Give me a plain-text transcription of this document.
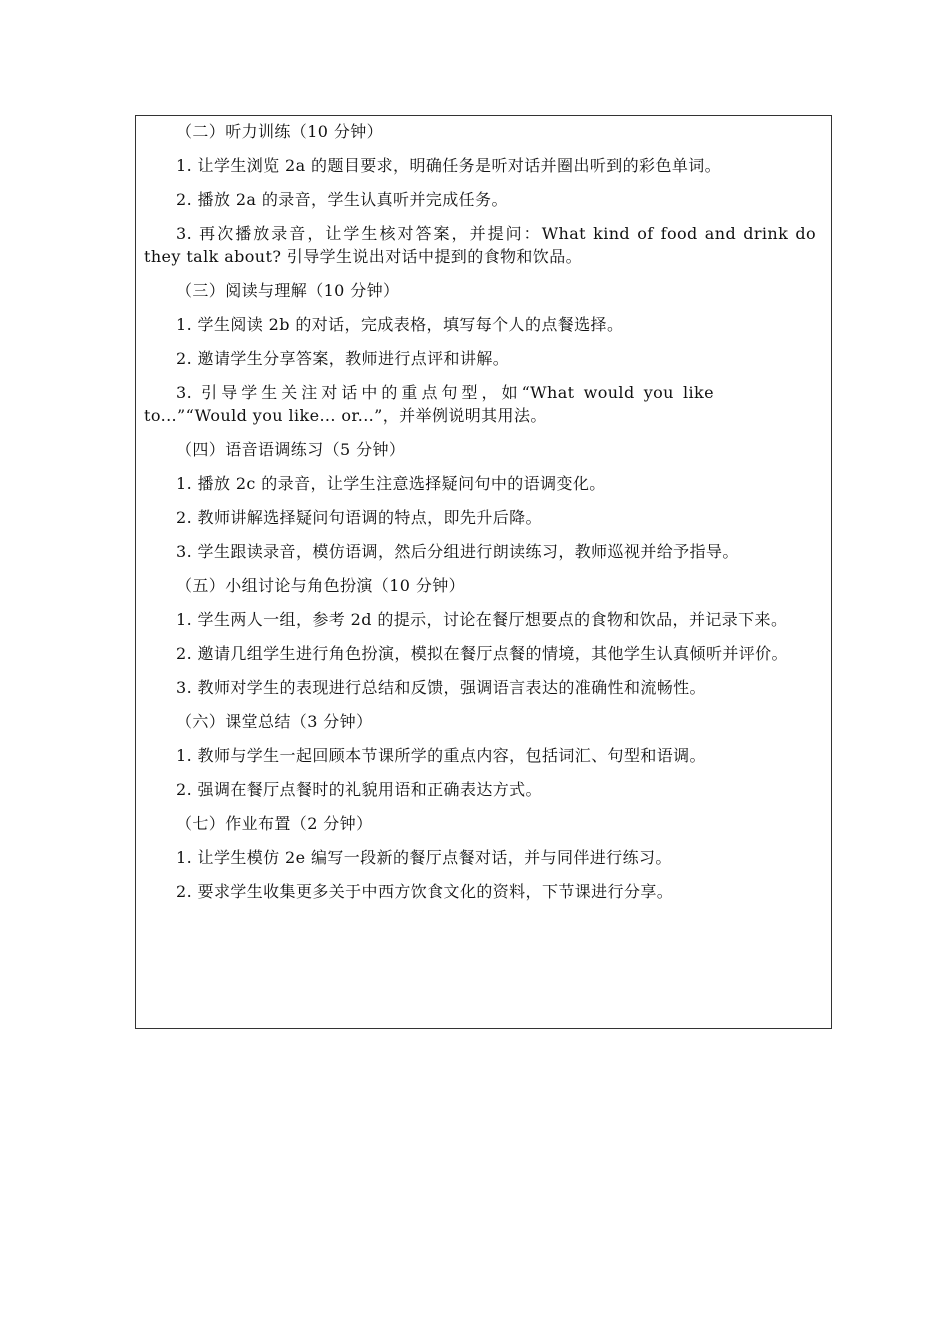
（二）听力训练（10 分钟）

1. 让学生浏览 2a 的题目要求，明确任务是听对话并圈出听到的彩色单词。

2. 播放 2a 的录音，学生认真听并完成任务。

3. 再次播放录音，让学生核对答案，并提问：What kind of food and drink do they talk about? 引导学生说出对话中提到的食物和饮品。

（三）阅读与理解（10 分钟）

1. 学生阅读 2b 的对话，完成表格，填写每个人的点餐选择。

2. 邀请学生分享答案，教师进行点评和讲解。

3. 引导学生关注对话中的重点句型，如“What would you like to...”“Would you like... or...”，并举例说明其用法。

（四）语音语调练习（5 分钟）

1. 播放 2c 的录音，让学生注意选择疑问句中的语调变化。

2. 教师讲解选择疑问句语调的特点，即先升后降。

3. 学生跟读录音，模仿语调，然后分组进行朗读练习，教师巡视并给予指导。

（五）小组讨论与角色扮演（10 分钟）

1. 学生两人一组，参考 2d 的提示，讨论在餐厅想要点的食物和饮品，并记录下来。

2. 邀请几组学生进行角色扮演，模拟在餐厅点餐的情境，其他学生认真倾听并评价。

3. 教师对学生的表现进行总结和反馈，强调语言表达的准确性和流畅性。

（六）课堂总结（3 分钟）

1. 教师与学生一起回顾本节课所学的重点内容，包括词汇、句型和语调。

2. 强调在餐厅点餐时的礼貌用语和正确表达方式。

（七）作业布置（2 分钟）

1. 让学生模仿 2e 编写一段新的餐厅点餐对话，并与同伴进行练习。

2. 要求学生收集更多关于中西方饮食文化的资料，下节课进行分享。
